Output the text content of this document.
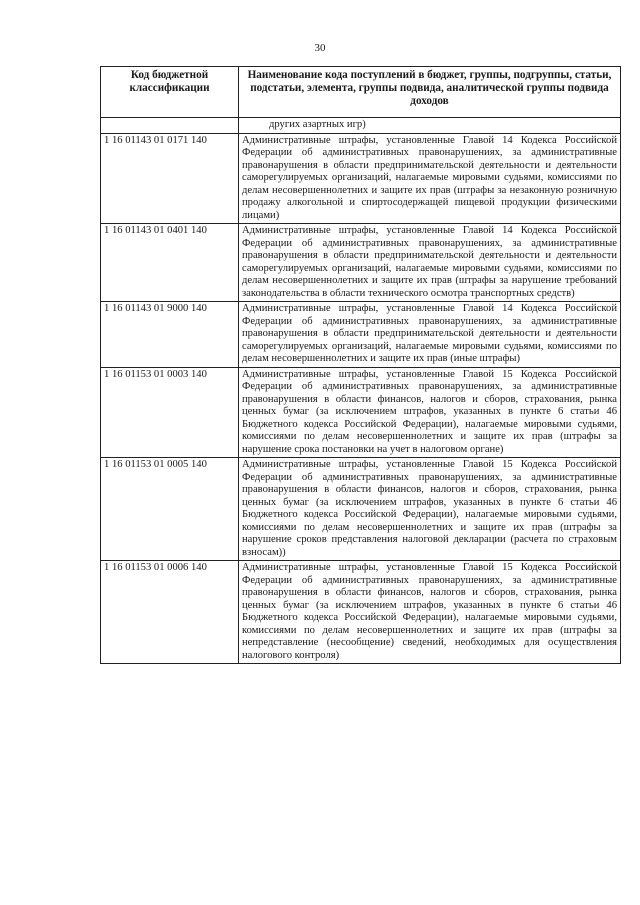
30
Код бюджетной классификации	Наименование кода поступлений в бюджет, группы, подгруппы, статьи, подстатьи, элемента, группы подвида, аналитической группы подвида доходов
	других азартных игр)
1 16 01143 01 0171 140	Административные штрафы, установленные Главой 14 Кодекса Российской Федерации об административных правонарушениях, за административные правонарушения в области предпринимательской деятельности и деятельности саморегулируемых организаций, налагаемые мировыми судьями, комиссиями по делам несовершеннолетних и защите их прав (штрафы за незаконную розничную продажу алкогольной и спиртосодержащей пищевой продукции физическими лицами)
1 16 01143 01 0401 140	Административные штрафы, установленные Главой 14 Кодекса Российской Федерации об административных правонарушениях, за административные правонарушения в области предпринимательской деятельности и деятельности саморегулируемых организаций, налагаемые мировыми судьями, комиссиями по делам несовершеннолетних и защите их прав (штрафы за нарушение требований законодательства в области технического осмотра транспортных средств)
1 16 01143 01 9000 140	Административные штрафы, установленные Главой 14 Кодекса Российской Федерации об административных правонарушениях, за административные правонарушения в области предпринимательской деятельности и деятельности саморегулируемых организаций, налагаемые мировыми судьями, комиссиями по делам несовершеннолетних и защите их прав (иные штрафы)
1 16 01153 01 0003 140	Административные штрафы, установленные Главой 15 Кодекса Российской Федерации об административных правонарушениях, за административные правонарушения в области финансов, налогов и сборов, страхования, рынка ценных бумаг (за исключением штрафов, указанных в пункте 6 статьи 46 Бюджетного кодекса Российской Федерации), налагаемые мировыми судьями, комиссиями по делам несовершеннолетних и защите их прав (штрафы за нарушение срока постановки на учет в налоговом органе)
1 16 01153 01 0005 140	Административные штрафы, установленные Главой 15 Кодекса Российской Федерации об административных правонарушениях, за административные правонарушения в области финансов, налогов и сборов, страхования, рынка ценных бумаг (за исключением штрафов, указанных в пункте 6 статьи 46 Бюджетного кодекса Российской Федерации), налагаемые мировыми судьями, комиссиями по делам несовершеннолетних и защите их прав (штрафы за нарушение сроков представления налоговой декларации (расчета по страховым взносам))
1 16 01153 01 0006 140	Административные штрафы, установленные Главой 15 Кодекса Российской Федерации об административных правонарушениях, за административные правонарушения в области финансов, налогов и сборов, страхования, рынка ценных бумаг (за исключением штрафов, указанных в пункте 6 статьи 46 Бюджетного кодекса Российской Федерации), налагаемые мировыми судьями, комиссиями по делам несовершеннолетних и защите их прав (штрафы за непредставление (несообщение) сведений, необходимых для осуществления налогового контроля)
